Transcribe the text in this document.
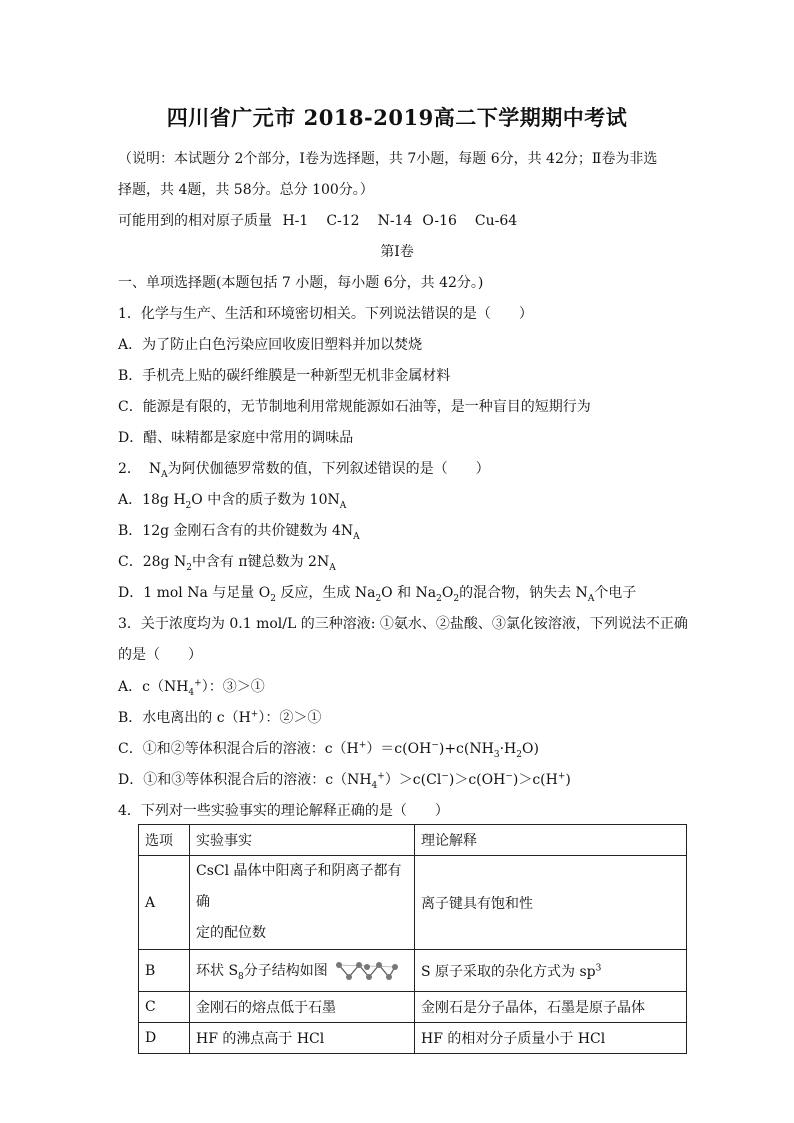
四川省广元市 2018-2019高二下学期期中考试
（说明：本试题分 2个部分，Ⅰ卷为选择题，共 7小题，每题 6分，共 42分；Ⅱ卷为非选
择题，共 4题，共 58分。总分 100分。）
可能用到的相对原子质量 H-1 C-12 N-14 O-16 Cu-64
第Ⅰ卷
一、单项选择题(本题包括 7 小题，每小题 6分，共 42分。)
1．化学与生产、生活和环境密切相关。下列说法错误的是（　　）
A．为了防止白色污染应回收废旧塑料并加以焚烧
B．手机壳上贴的碳纤维膜是一种新型无机非金属材料
C．能源是有限的，无节制地利用常规能源如石油等，是一种盲目的短期行为
D．醋、味精都是家庭中常用的调味品
2． $N_A$为阿伏伽德罗常数的值，下列叙述错误的是（　　）
A．18g $H_2O$ 中含的质子数为 $10N_A$
B．12g 金刚石含有的共价键数为 $4N_A$
C．28g $N_2$中含有 π键总数为 $2N_A$
D．1 mol Na 与足量 $O_2$ 反应，生成 $Na_2O$ 和 $Na_2O_2$的混合物，钠失去 $N_A$个电子
3．关于浓度均为 0.1 mol/L 的三种溶液: ①氨水、②盐酸、③氯化铵溶液，下列说法不正确
的是（　　）
A．$c(NH_4^+)$：③＞①
B．水电离出的 c（H+）：②＞①
C．①和②等体积混合后的溶液：$c(H^+)=c(OH^-)+c(NH_3\cdot H_2O)$
D．①和③等体积混合后的溶液：$c(NH_4^+)>c(Cl^-)>c(OH^-)>c(H^+)$
4．下列对一些实验事实的理论解释正确的是（　　）
选项	实验事实	理论解释
A	CsCl 晶体中阳离子和阴离子都有确
定的配位数	离子键具有饱和性
B	环状 $S_8$分子结构如图	S 原子采取的杂化方式为 $sp^3$
C	金刚石的熔点低于石墨	金刚石是分子晶体，石墨是原子晶体
D	HF 的沸点高于 HCl	HF 的相对分子质量小于 HCl
